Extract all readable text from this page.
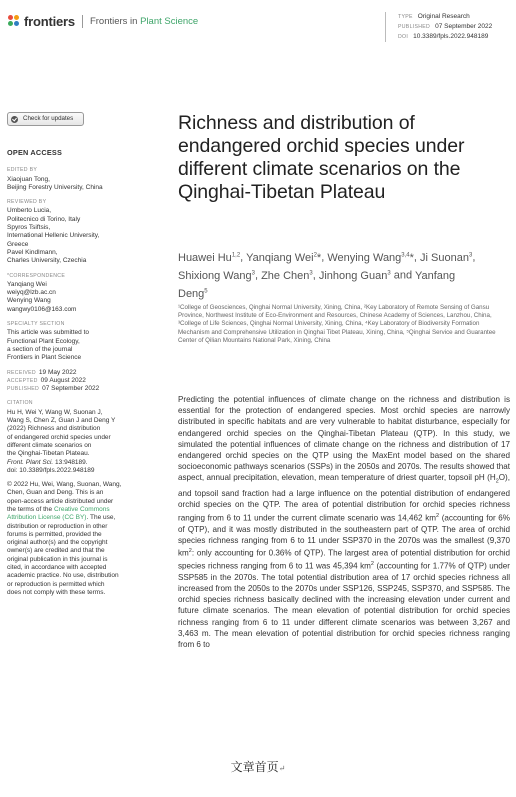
frontiers Frontiers in Plant Science	TYPE Original Research
PUBLISHED 07 September 2022
DOI 10.3389/fpls.2022.948189
Check for updates
OPEN ACCESS
EDITED BY
Xiaojuan Tong,
Beijing Forestry University, China
REVIEWED BY
Umberto Lucia,
Politecnico di Torino, Italy
Spyros Tsiftsis,
International Hellenic University,
Greece
Pavel Kindlmann,
Charles University, Czechia
*CORRESPONDENCE
Yanqiang Wei
weiyq@lzb.ac.cn
Wenying Wang
wangwy0106@163.com
SPECIALTY SECTION
This article was submitted to
Functional Plant Ecology,
a section of the journal
Frontiers in Plant Science
RECEIVED 19 May 2022
ACCEPTED 09 August 2022
PUBLISHED 07 September 2022
CITATION
Hu H, Wei Y, Wang W, Suonan J,
Wang S, Chen Z, Guan J and Deng Y
(2022) Richness and distribution
of endangered orchid species under
different climate scenarios on
the Qinghai-Tibetan Plateau.
Front. Plant Sci. 13:948189.
doi: 10.3389/fpls.2022.948189
© 2022 Hu, Wei, Wang, Suonan, Wang,
Chen, Guan and Deng. This is an
open-access article distributed under
the terms of the Creative Commons
Attribution License (CC BY). The use,
distribution or reproduction in other
forums is permitted, provided the
original author(s) and the copyright
owner(s) are credited and that the
original publication in this journal is
cited, in accordance with accepted
academic practice. No use, distribution
or reproduction is permitted which
does not comply with these terms.
Richness and distribution of endangered orchid species under different climate scenarios on the Qinghai-Tibetan Plateau
Huawei Hu$^{1,2}$, Yanqiang Wei$^2$*, Wenying Wang$^{3,4}$*, Ji Suonan$^3$, Shixiong Wang$^3$, Zhe Chen$^3$, Jinhong Guan$^3$ and Yanfang Deng$^5$
¹College of Geosciences, Qinghai Normal University, Xining, China, ²Key Laboratory of Remote Sensing of Gansu Province, Northwest Institute of Eco-Environment and Resources, Chinese Academy of Sciences, Lanzhou, China, ³College of Life Sciences, Qinghai Normal University, Xining, China, ⁴Key Laboratory of Biodiversity Formation Mechanism and Comprehensive Utilization in Qinghai Tibet Plateau, Xining, China, ⁵Qinghai Service and Guarantee Center of Qilian Mountains National Park, Xining, China
Predicting the potential influences of climate change on the richness and distribution is essential for the protection of endangered species. Most orchid species are narrowly distributed in specific habitats and are very vulnerable to habitat disturbance, especially for endangered orchid species on the Qinghai-Tibetan Plateau (QTP). In this study, we simulated the potential influences of climate change on the richness and distribution of 17 endangered orchid species on the QTP using the MaxEnt model based on the shared socioeconomic pathways scenarios (SSPs) in the 2050s and 2070s. The results showed that aspect, annual precipitation, elevation, mean temperature of driest quarter, topsoil pH $(H_2O)$, and topsoil sand fraction had a large influence on the potential distribution of endangered orchid species on the QTP. The area of potential distribution for orchid species richness ranging from 6 to 11 under the current climate scenario was 14,462 $km^2$ (accounting for 6% of QTP), and it was mostly distributed in the southeastern part of QTP. The area of orchid species richness ranging from 6 to 11 under SSP370 in the 2070s was the smallest (9,370 $km^2$: only accounting for 0.36% of QTP). The largest area of potential distribution for orchid species richness ranging from 6 to 11 was 45,394 $km^2$ (accounting for 1.77% of QTP) under SSP585 in the 2070s. The total potential distribution area of 17 orchid species richness all increased from the 2050s to the 2070s under SSP126, SSP245, SSP370, and SSP585. The orchid species richness basically declined with the increasing elevation under current and future climate scenarios. The mean elevation of potential distribution for orchid species richness ranging from 6 to 11 under different climate scenarios was between 3,267 and 3,463 m. The mean elevation of potential distribution for orchid species richness ranging from 6 to
文章首页↵
